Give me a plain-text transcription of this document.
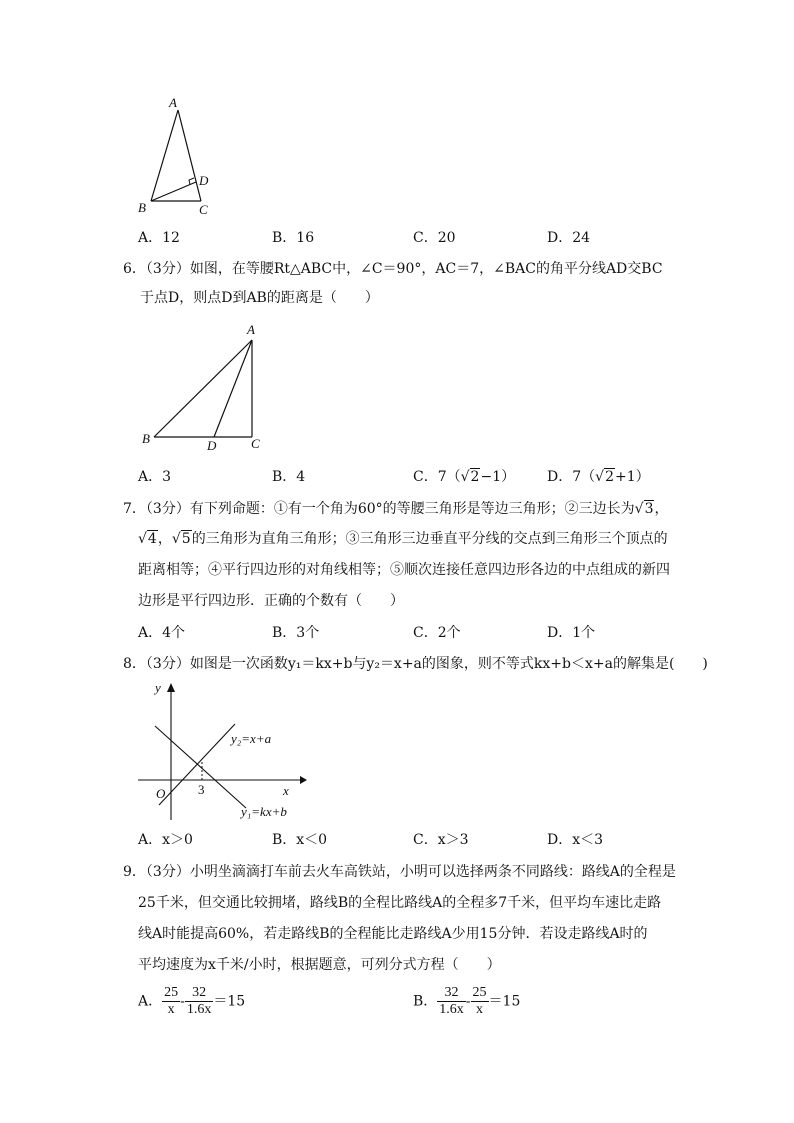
A
B	C
D
A．12	B．16	C．20	D．24
6．（3分）如图，在等腰Rt△ABC中，∠C＝90°，AC＝7，∠BAC的角平分线AD交BC
于点D，则点D到AB的距离是（　　）
A
B	C
D
A．3	B．4	C．7（√2−1） D．7（√2+1）
7．（3分）有下列命题：①有一个角为60°的等腰三角形是等边三角形；②三边长为√3，
√4，√5的三角形为直角三角形；③三角形三边垂直平分线的交点到三角形三个顶点的
距离相等；④平行四边形的对角线相等；⑤顺次连接任意四边形各边的中点组成的新四
边形是平行四边形．正确的个数有（　　）
A．4个	B．3个	C．2个	D．1个
8．（3分）如图是一次函数y₁＝kx+b与y₂＝x+a的图象，则不等式kx+b＜x+a的解集是(　　)
y
x
O	3
y₂=x+a
y₁=kx+b
A．x＞0	B．x＜0	C．x＞3	D．x＜3
9．（3分）小明坐滴滴打车前去火车高铁站，小明可以选择两条不同路线：路线A的全程是
25千米，但交通比较拥堵，路线B的全程比路线A的全程多7千米，但平均车速比走路
线A时能提高60%，若走路线B的全程能比走路线A少用15分钟．若设走路线A时的
平均速度为x千米/小时，根据题意，可列分式方程（　　）
A． $\frac{25}{x} - \frac{32}{1.6x} =15$	B． $\frac{32}{1.6x} - \frac{25}{x} =15$
